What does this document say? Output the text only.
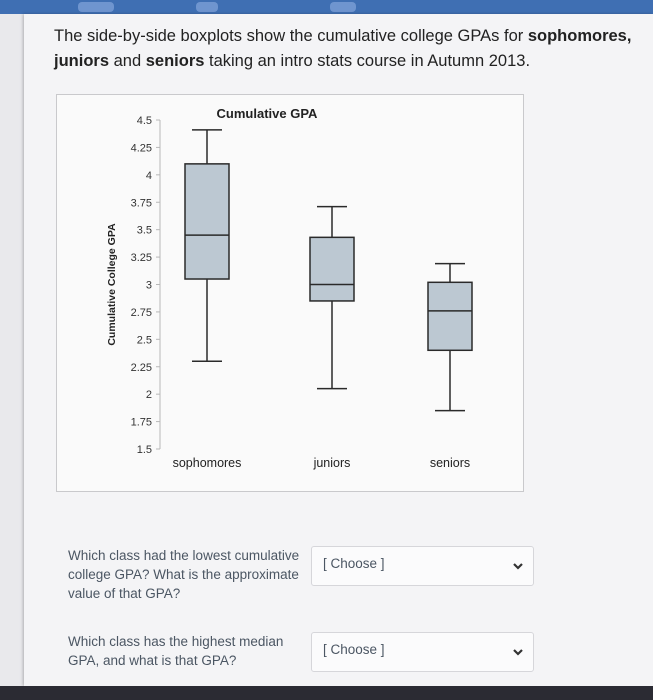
The side-by-side boxplots show the cumulative college GPAs for sophomores,
juniors and seniors taking an intro stats course in Autumn 2013.
Cumulative GPA
Cumulative College GPA
4.5
4.25
4
3.75
3.5
3.25
3
2.75
2.5
2.25
2
1.75
1.5
sophomores	juniors	seniors
Which class had the lowest cumulative college GPA? What is the approximate value of that GPA?
[ Choose ]
Which class has the highest median GPA, and what is that GPA?
[ Choose ]
